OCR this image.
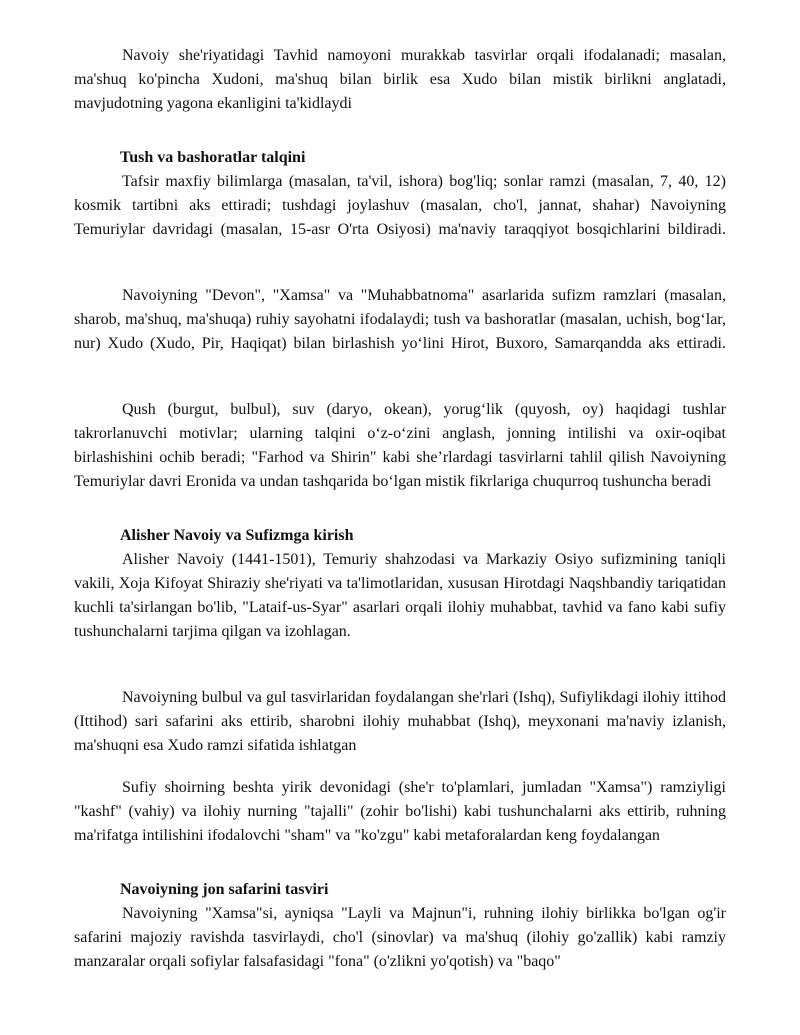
Navoiy she'riyatidagi Tavhid namoyoni murakkab tasvirlar orqali ifodalanadi; masalan, ma'shuq ko'pincha Xudoni, ma'shuq bilan birlik esa Xudo bilan mistik birlikni anglatadi, mavjudotning yagona ekanligini ta'kidlaydi

Tush va bashoratlar talqini

Tafsir maxfiy bilimlarga (masalan, ta'vil, ishora) bog'liq; sonlar ramzi (masalan, 7, 40, 12) kosmik tartibni aks ettiradi; tushdagi joylashuv (masalan, cho'l, jannat, shahar) Navoiyning Temuriylar davridagi (masalan, 15-asr O'rta Osiyosi) ma'naviy taraqqiyot bosqichlarini bildiradi.

Navoiyning "Devon", "Xamsa" va "Muhabbatnoma" asarlarida sufizm ramzlari (masalan, sharob, ma'shuq, ma'shuqa) ruhiy sayohatni ifodalaydi; tush va bashoratlar (masalan, uchish, bog‘lar, nur) Xudo (Xudo, Pir, Haqiqat) bilan birlashish yo‘lini Hirot, Buxoro, Samarqandda aks ettiradi.

Qush (burgut, bulbul), suv (daryo, okean), yorug‘lik (quyosh, oy) haqidagi tushlar takrorlanuvchi motivlar; ularning talqini o‘z-o‘zini anglash, jonning intilishi va oxir-oqibat birlashishini ochib beradi; "Farhod va Shirin" kabi she’rlardagi tasvirlarni tahlil qilish Navoiyning Temuriylar davri Eronida va undan tashqarida bo‘lgan mistik fikrlariga chuqurroq tushuncha beradi

Alisher Navoiy va Sufizmga kirish

Alisher Navoiy (1441-1501), Temuriy shahzodasi va Markaziy Osiyo sufizmining taniqli vakili, Xoja Kifoyat Shiraziy she'riyati va ta'limotlaridan, xususan Hirotdagi Naqshbandiy tariqatidan kuchli ta'sirlangan bo'lib, "Lataif-us-Syar" asarlari orqali ilohiy muhabbat, tavhid va fano kabi sufiy tushunchalarni tarjima qilgan va izohlagan.

Navoiyning bulbul va gul tasvirlaridan foydalangan she'rlari (Ishq), Sufiylikdagi ilohiy ittihod (Ittihod) sari safarini aks ettirib, sharobni ilohiy muhabbat (Ishq), meyxonani ma'naviy izlanish, ma'shuqni esa Xudo ramzi sifatida ishlatgan

Sufiy shoirning beshta yirik devonidagi (she'r to'plamlari, jumladan "Xamsa") ramziyligi "kashf" (vahiy) va ilohiy nurning "tajalli" (zohir bo'lishi) kabi tushunchalarni aks ettirib, ruhning ma'rifatga intilishini ifodalovchi "sham" va "ko'zgu" kabi metaforalardan keng foydalangan

Navoiyning jon safarini tasviri

Navoiyning "Xamsa"si, ayniqsa "Layli va Majnun"i, ruhning ilohiy birlikka bo'lgan og'ir safarini majoziy ravishda tasvirlaydi, cho'l (sinovlar) va ma'shuq (ilohiy go'zallik) kabi ramziy manzaralar orqali sofiylar falsafasidagi "fona" (o'zlikni yo'qotish) va "baqo"
